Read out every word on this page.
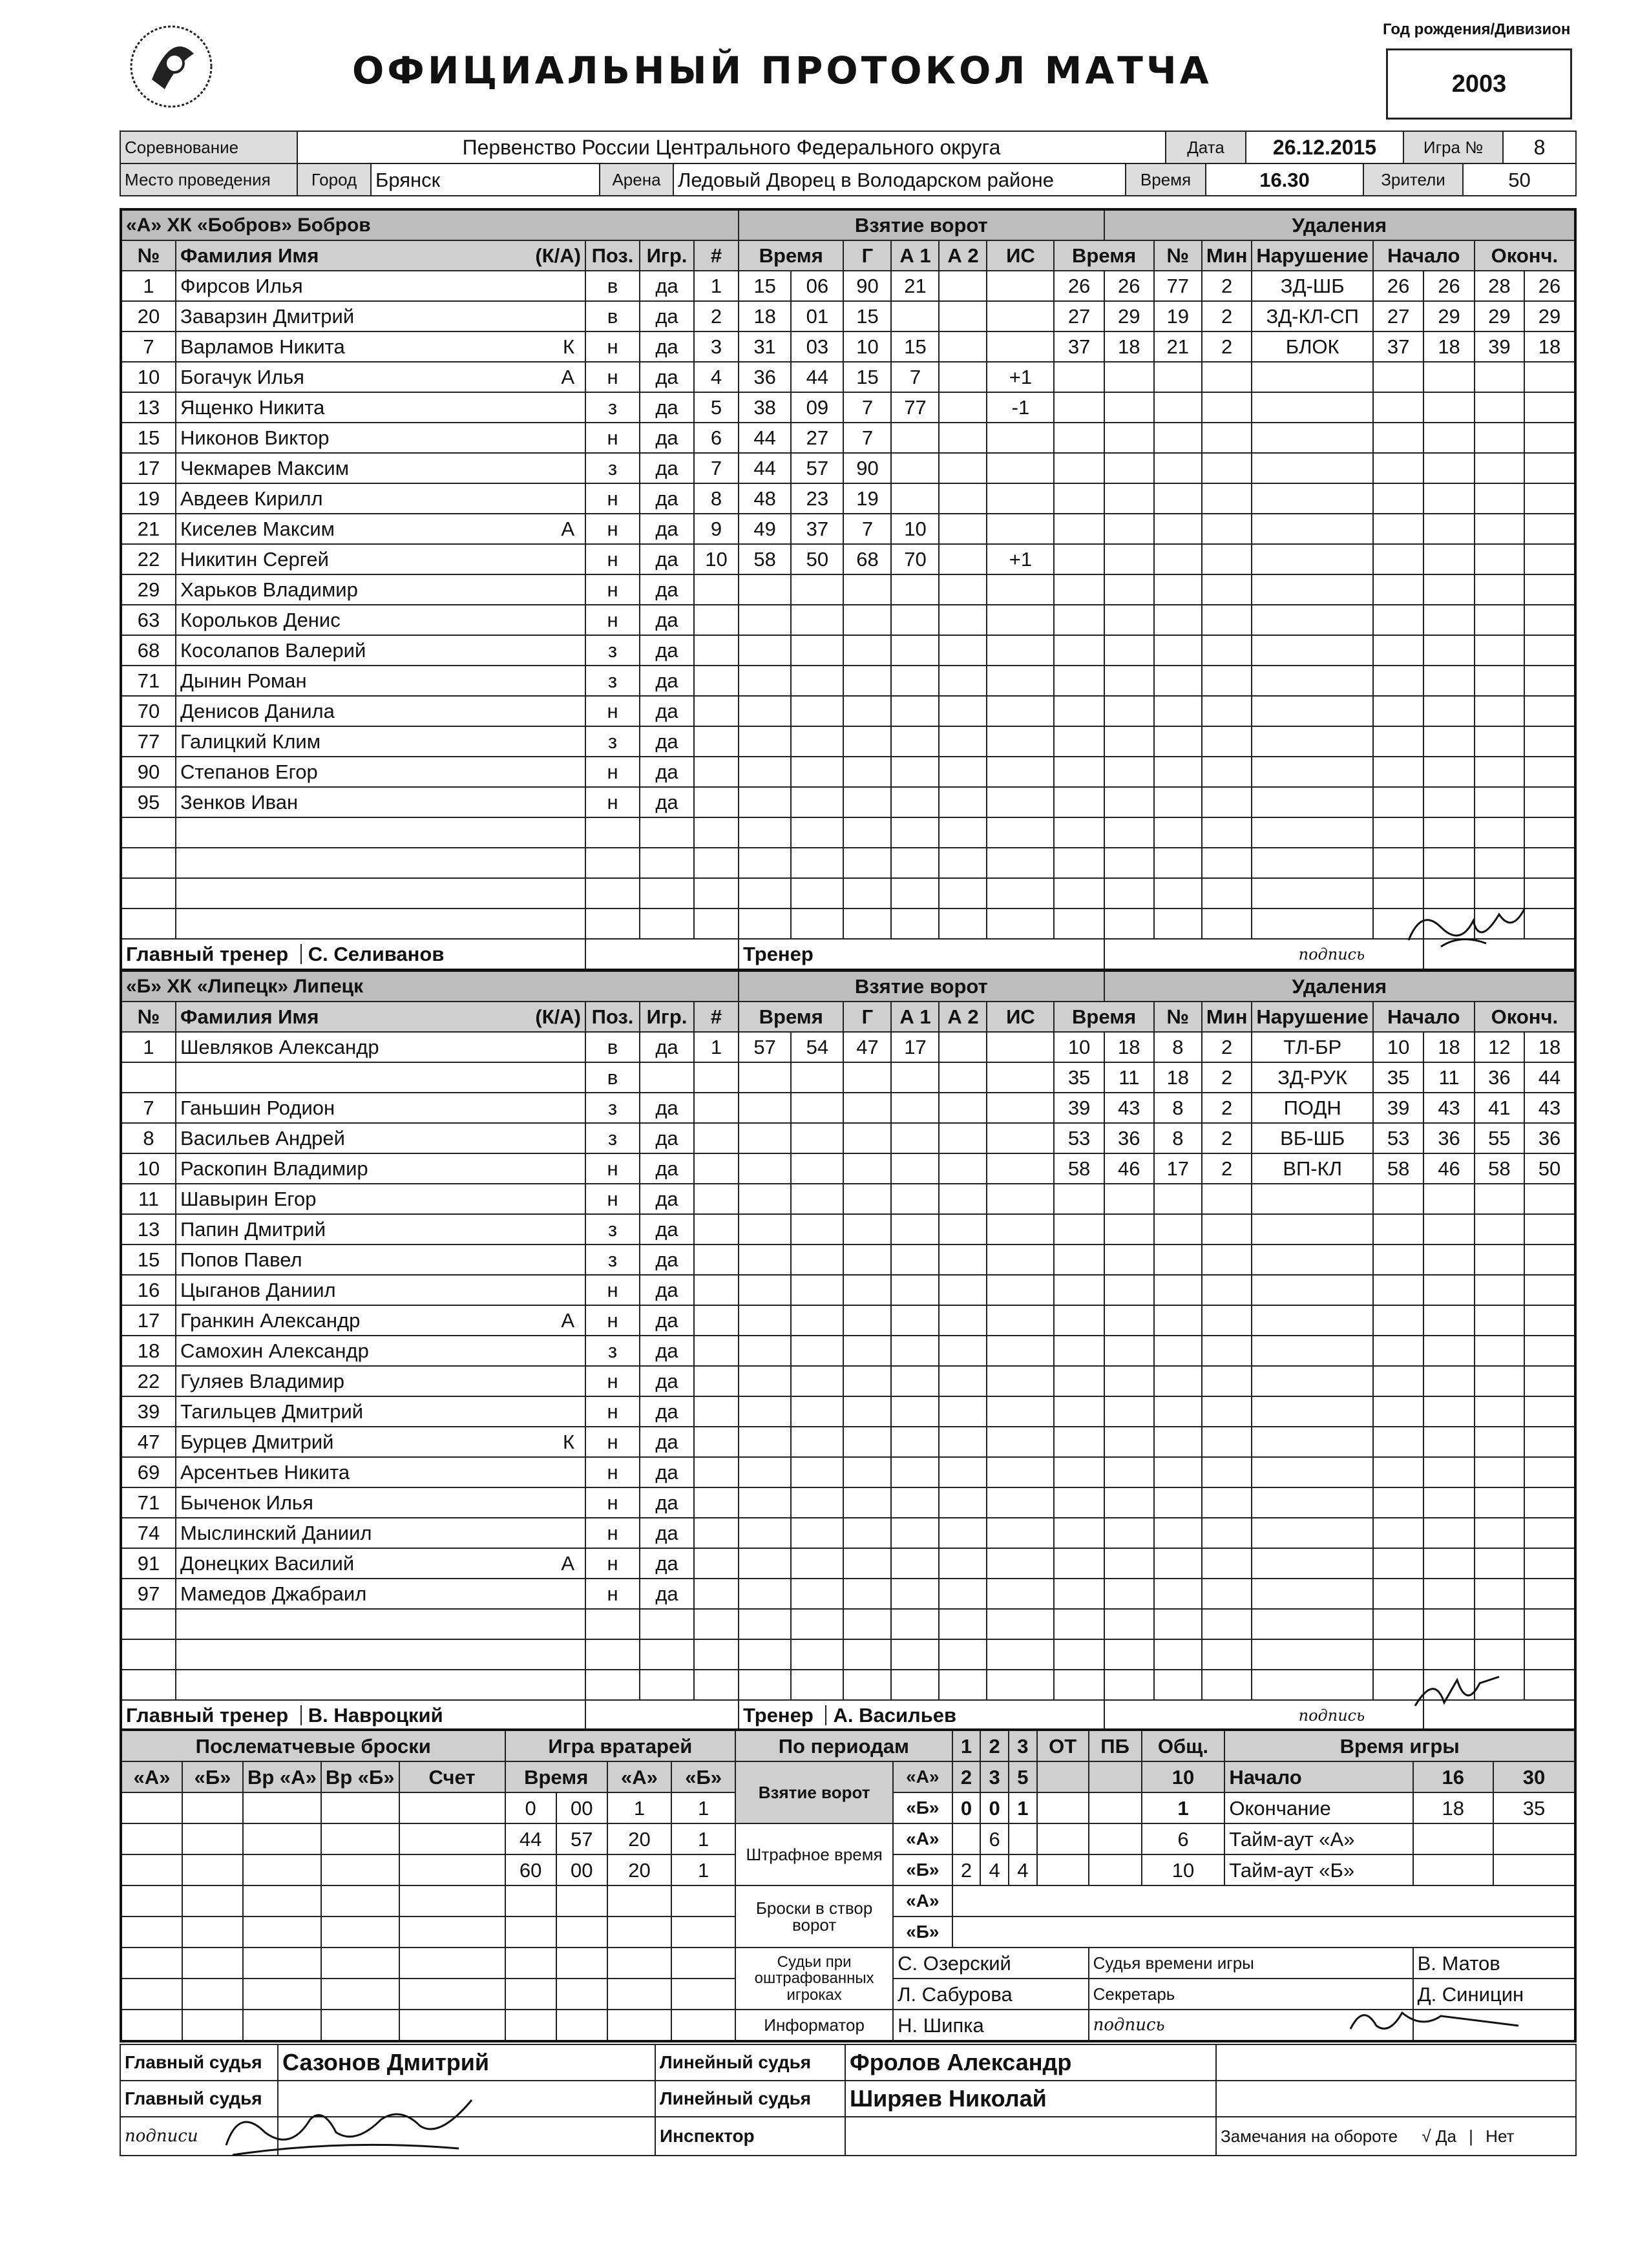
ОФИЦИАЛЬНЫЙ ПРОТОКОЛ МАТЧА
Год рождения/Дивизион
2003
Соревнование	Первенство России Центрального Федерального округа	Дата	26.12.2015	Игра №	8
Место проведения	Город	Брянск	Арена	Ледовый Дворец в Володарском районе	Время	16.30	Зрители	50
«А» ХК «Бобров» Бобров					Взятие ворот							Удаления							
№	Фамилия Имя (К/А)	Поз.	Игр.	#	Время		Г	А 1	А 2	ИС	Время		№	Мин	Нарушение	Начало		Оконч.	
1	Фирсов Илья	в	да	1	15	06	90	21			26	26	77	2	ЗД-ШБ	26	26	28	26
20	Заварзин Дмитрий	в	да	2	18	01	15				27	29	19	2	ЗД-КЛ-СП	27	29	29	29
7	Варламов Никита К	н	да	3	31	03	10	15			37	18	21	2	БЛОК	37	18	39	18
10	Богачук Илья А	н	да	4	36	44	15	7		+1									
13	Ященко Никита	з	да	5	38	09	7	77		-1									
15	Никонов Виктор	н	да	6	44	27	7												
17	Чекмарев Максим	з	да	7	44	57	90												
19	Авдеев Кирилл	н	да	8	48	23	19												
21	Киселев Максим А	н	да	9	49	37	7	10											
22	Никитин Сергей	н	да	10	58	50	68	70		+1									
29	Харьков Владимир	н	да																
63	Корольков Денис	н	да																
68	Косолапов Валерий	з	да																
71	Дынин Роман	з	да																
70	Денисов Данила	н	да																
77	Галицкий Клим	з	да																
90	Степанов Егор	н	да																
95	Зенков Иван	н	да																

Главный тренер С. Селиванов					Тренер							подпись							
«Б» ХК «Липецк» Липецк					Взятие ворот							Удаления							
№	Фамилия Имя (К/А)	Поз.	Игр.	#	Время		Г	А 1	А 2	ИС	Время		№	Мин	Нарушение	Начало		Оконч.	
1	Шевляков Александр	в	да	1	57	54	47	17			10	18	8	2	ТЛ-БР	10	18	12	18

	в									35	11	18	2	ЗД-РУК	35	11	36	44
7	Ганьшин Родион	з	да								39	43	8	2	ПОДН	39	43	41	43
8	Васильев Андрей	з	да								53	36	8	2	ВБ-ШБ	53	36	55	36
10	Раскопин Владимир	н	да								58	46	17	2	ВП-КЛ	58	46	58	50
11	Шавырин Егор	н	да																
13	Папин Дмитрий	з	да																
15	Попов Павел	з	да																
16	Цыганов Даниил	н	да																
17	Гранкин Александр А	н	да																
18	Самохин Александр	з	да																
22	Гуляев Владимир	н	да																
39	Тагильцев Дмитрий	н	да																
47	Бурцев Дмитрий К	н	да																
69	Арсентьев Никита	н	да																
71	Быченок Илья	н	да																
74	Мыслинский Даниил	н	да																
91	Донецких Василий А	н	да																
97	Мамедов Джабраил	н	да																

Главный тренер В. Навроцкий					Тренер А. Васильев							подпись							
Послематчевые броски					Игра вратарей				По периодам		1	2	3	ОТ	ПБ	Общ.	Время игры		
«А»	«Б»	Вр «А»	Вр «Б»	Счет	Время		«А»	«Б»	Взятие ворот	«А»	2	3	5			10	Начало	16	30
					0	00	1	1		«Б»	0	0	1			1	Окончание	18	35
					44	57	20	1	Штрафное время	«А»		6				6	Тайм-аут «А»		
					60	00	20	1		«Б»	2	4	4			10	Тайм-аут «Б»		
									Броски в створ ворот	«А»									
										«Б»									
									Судьи при оштрафованных игроках	С. Озерский					Судья времени игры			В. Матов	
										Л. Сабурова					Секретарь			Д. Синицин	
									Информатор	Н. Шипка					подпись				
Главный судья	Сазонов Дмитрий	Линейный судья	Фролов Александр	
Главный судья		Линейный судья	Ширяев Николай	
подписи		Инспектор		Замечания на обороте √ Да | Нет
